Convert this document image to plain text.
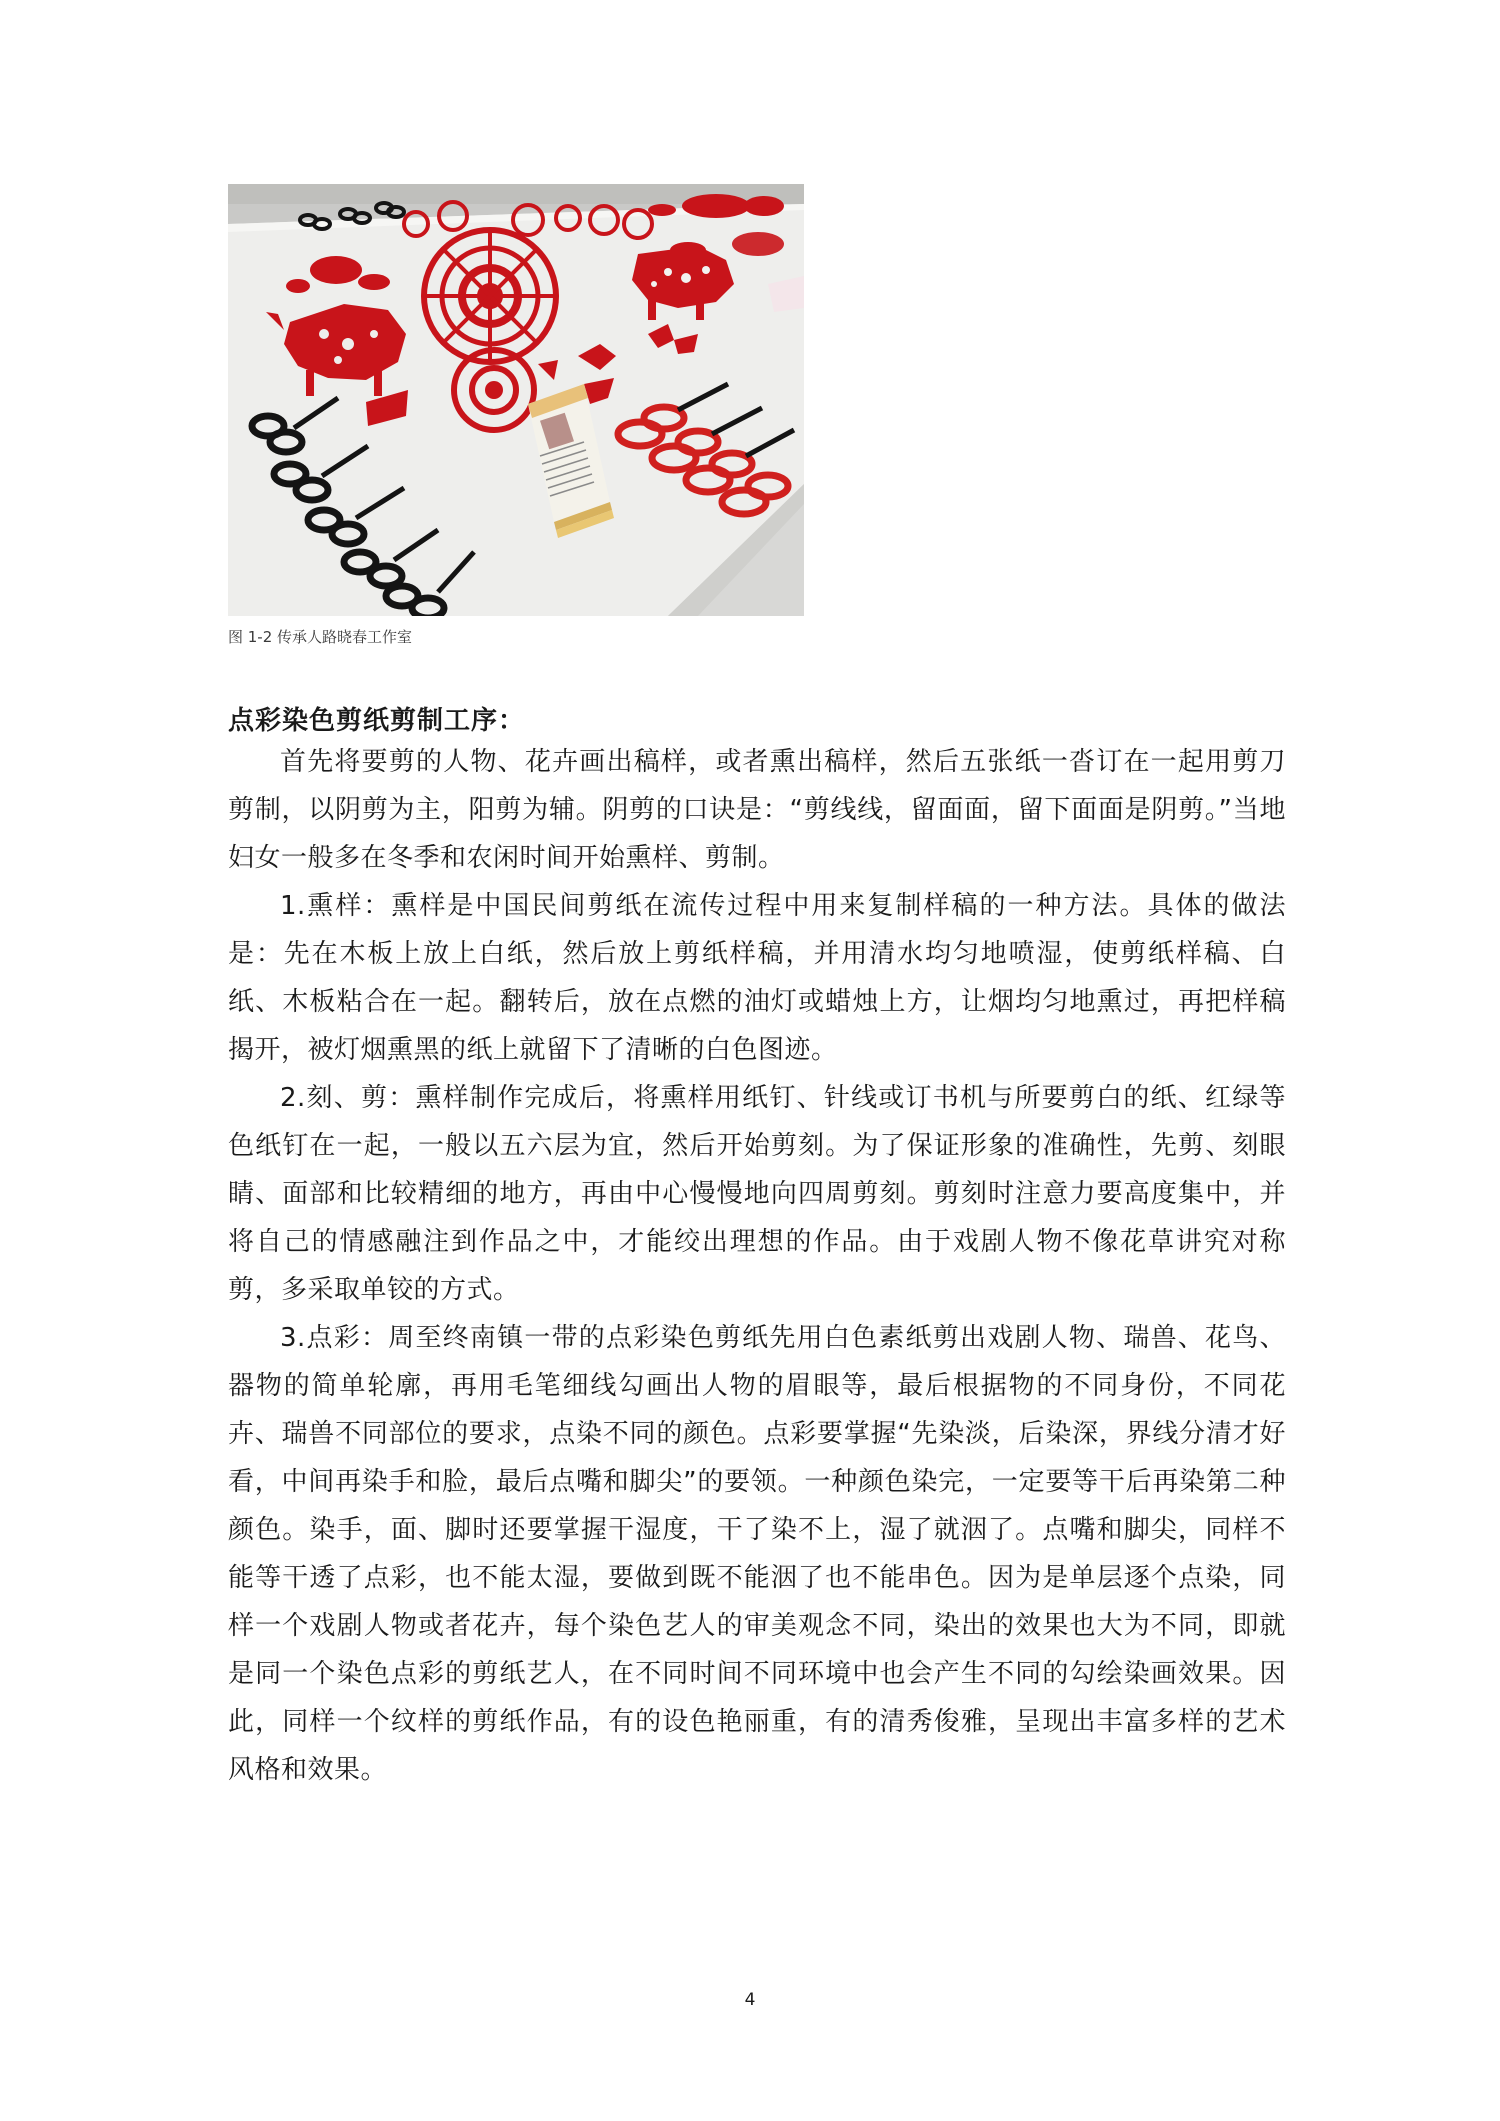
图 1-2 传承人路晓春工作室
点彩染色剪纸剪制工序：

首先将要剪的人物、花卉画出稿样，或者熏出稿样，然后五张纸一沓订在一起用剪刀剪制，以阴剪为主，阳剪为辅。阴剪的口诀是：“剪线线，留面面，留下面面是阴剪。”当地妇女一般多在冬季和农闲时间开始熏样、剪制。

1.熏样：熏样是中国民间剪纸在流传过程中用来复制样稿的一种方法。具体的做法是：先在木板上放上白纸，然后放上剪纸样稿，并用清水均匀地喷湿，使剪纸样稿、白纸、木板粘合在一起。翻转后，放在点燃的油灯或蜡烛上方，让烟均匀地熏过，再把样稿揭开，被灯烟熏黑的纸上就留下了清晰的白色图迹。

2.刻、剪：熏样制作完成后，将熏样用纸钉、针线或订书机与所要剪白的纸、红绿等色纸钉在一起，一般以五六层为宜，然后开始剪刻。为了保证形象的准确性，先剪、刻眼睛、面部和比较精细的地方，再由中心慢慢地向四周剪刻。剪刻时注意力要高度集中，并将自己的情感融注到作品之中，才能绞出理想的作品。由于戏剧人物不像花草讲究对称剪，多采取单铰的方式。

3.点彩：周至终南镇一带的点彩染色剪纸先用白色素纸剪出戏剧人物、瑞兽、花鸟、器物的简单轮廓，再用毛笔细线勾画出人物的眉眼等，最后根据物的不同身份，不同花卉、瑞兽不同部位的要求，点染不同的颜色。点彩要掌握“先染淡，后染深，界线分清才好看，中间再染手和脸，最后点嘴和脚尖”的要领。一种颜色染完，一定要等干后再染第二种颜色。染手，面、脚时还要掌握干湿度，干了染不上，湿了就洇了。点嘴和脚尖，同样不能等干透了点彩，也不能太湿，要做到既不能洇了也不能串色。因为是单层逐个点染，同样一个戏剧人物或者花卉，每个染色艺人的审美观念不同，染出的效果也大为不同，即就是同一个染色点彩的剪纸艺人，在不同时间不同环境中也会产生不同的勾绘染画效果。因此，同样一个纹样的剪纸作品，有的设色艳丽重，有的清秀俊雅，呈现出丰富多样的艺术风格和效果。

4
